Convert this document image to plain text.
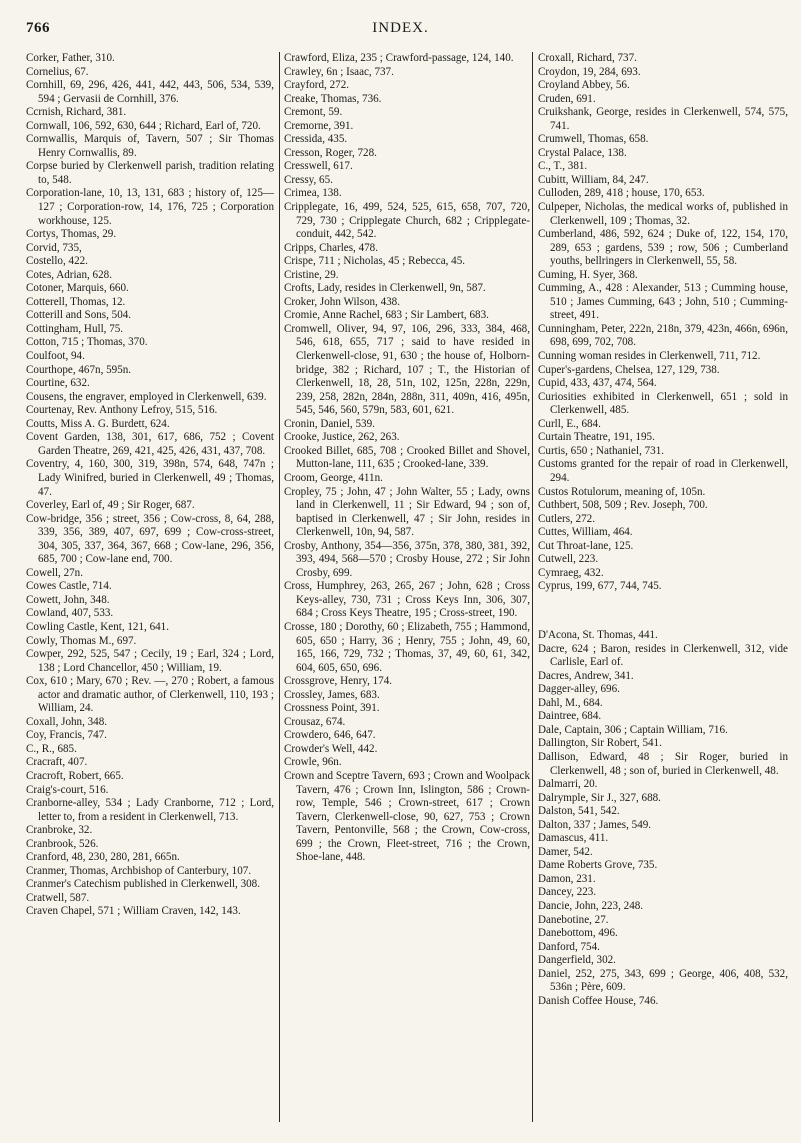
766	INDEX.

Corker, Father, 310.

Cornelius, 67.

Cornhill, 69, 296, 426, 441, 442, 443, 506, 534, 539, 594 ; Gervasii de Cornhill, 376.

Ccrnish, Richard, 381.

Cornwall, 106, 592, 630, 644 ; Richard, Earl of, 720.

Cornwallis, Marquis of, Tavern, 507 ; Sir Thomas Henry Cornwallis, 89.

Corpse buried by Clerkenwell parish, tradition relating to, 548.

Corporation-lane, 10, 13, 131, 683 ; history of, 125—127 ; Corporation-row, 14, 176, 725 ; Corporation workhouse, 125.

Cortys, Thomas, 29.

Corvid, 735,

Costello, 422.

Cotes, Adrian, 628.

Cotoner, Marquis, 660.

Cotterell, Thomas, 12.

Cotterill and Sons, 504.

Cottingham, Hull, 75.

Cotton, 715 ; Thomas, 370.

Coulfoot, 94.

Courthope, 467n, 595n.

Courtine, 632.

Cousens, the engraver, employed in Clerkenwell, 639.

Courtenay, Rev. Anthony Lefroy, 515, 516.

Coutts, Miss A. G. Burdett, 624.

Covent Garden, 138, 301, 617, 686, 752 ; Covent Garden Theatre, 269, 421, 425, 426, 431, 437, 708.

Coventry, 4, 160, 300, 319, 398n, 574, 648, 747n ; Lady Winifred, buried in Clerkenwell, 49 ; Thomas, 47.

Coverley, Earl of, 49 ; Sir Roger, 687.

Cow-bridge, 356 ; street, 356 ; Cow-cross, 8, 64, 288, 339, 356, 389, 407, 697, 699 ; Cow-cross-street, 304, 305, 337, 364, 367, 668 ; Cow-lane, 296, 356, 685, 700 ; Cow-lane end, 700.

Cowell, 27n.

Cowes Castle, 714.

Cowett, John, 348.

Cowland, 407, 533.

Cowling Castle, Kent, 121, 641.

Cowly, Thomas M., 697.

Cowper, 292, 525, 547 ; Cecily, 19 ; Earl, 324 ; Lord, 138 ; Lord Chancellor, 450 ; William, 19.

Cox, 610 ; Mary, 670 ; Rev. —, 270 ; Robert, a famous actor and dramatic author, of Clerkenwell, 110, 193 ; William, 24.

Coxall, John, 348.

Coy, Francis, 747.

C., R., 685.

Cracraft, 407.

Cracroft, Robert, 665.

Craig's-court, 516.

Cranborne-alley, 534 ; Lady Cranborne, 712 ; Lord, letter to, from a resident in Clerkenwell, 713.

Cranbroke, 32.

Cranbrook, 526.

Cranford, 48, 230, 280, 281, 665n.

Cranmer, Thomas, Archbishop of Canterbury, 107.

Cranmer's Catechism published in Clerkenwell, 308.

Cratwell, 587.

Craven Chapel, 571 ; William Craven, 142, 143.

Crawford, Eliza, 235 ; Crawford-passage, 124, 140.

Crawley, 6n ; Isaac, 737.

Crayford, 272.

Creake, Thomas, 736.

Cremont, 59.

Cremorne, 391.

Cressida, 435.

Cresson, Roger, 728.

Cresswell, 617.

Cressy, 65.

Crimea, 138.

Cripplegate, 16, 499, 524, 525, 615, 658, 707, 720, 729, 730 ; Cripplegate Church, 682 ; Cripplegate-conduit, 442, 542.

Cripps, Charles, 478.

Crispe, 711 ; Nicholas, 45 ; Rebecca, 45.

Cristine, 29.

Crofts, Lady, resides in Clerkenwell, 9n, 587.

Croker, John Wilson, 438.

Cromie, Anne Rachel, 683 ; Sir Lambert, 683.

Cromwell, Oliver, 94, 97, 106, 296, 333, 384, 468, 546, 618, 655, 717 ; said to have resided in Clerkenwell-close, 91, 630 ; the house of, Holborn-bridge, 382 ; Richard, 107 ; T., the Historian of Clerkenwell, 18, 28, 51n, 102, 125n, 228n, 229n, 239, 258, 282n, 284n, 288n, 311, 409n, 416, 495n, 545, 546, 560, 579n, 583, 601, 621.

Cronin, Daniel, 539.

Crooke, Justice, 262, 263.

Crooked Billet, 685, 708 ; Crooked Billet and Shovel, Mutton-lane, 111, 635 ; Crooked-lane, 339.

Croom, George, 411n.

Cropley, 75 ; John, 47 ; John Walter, 55 ; Lady, owns land in Clerkenwell, 11 ; Sir Edward, 94 ; son of, baptised in Clerkenwell, 47 ; Sir John, resides in Clerkenwell, 10n, 94, 587.

Crosby, Anthony, 354—356, 375n, 378, 380, 381, 392, 393, 494, 568—570 ; Crosby House, 272 ; Sir John Crosby, 699.

Cross, Humphrey, 263, 265, 267 ; John, 628 ; Cross Keys-alley, 730, 731 ; Cross Keys Inn, 306, 307, 684 ; Cross Keys Theatre, 195 ; Cross-street, 190.

Crosse, 180 ; Dorothy, 60 ; Elizabeth, 755 ; Hammond, 605, 650 ; Harry, 36 ; Henry, 755 ; John, 49, 60, 165, 166, 729, 732 ; Thomas, 37, 49, 60, 61, 342, 604, 605, 650, 696.

Crossgrove, Henry, 174.

Crossley, James, 683.

Crossness Point, 391.

Crousaz, 674.

Crowdero, 646, 647.

Crowder's Well, 442.

Crowle, 96n.

Crown and Sceptre Tavern, 693 ; Crown and Woolpack Tavern, 476 ; Crown Inn, Islington, 586 ; Crown-row, Temple, 546 ; Crown-street, 617 ; Crown Tavern, Clerkenwell-close, 90, 627, 753 ; Crown Tavern, Pentonville, 568 ; the Crown, Cow-cross, 699 ; the Crown, Fleet-street, 716 ; the Crown, Shoe-lane, 448.

Croxall, Richard, 737.

Croydon, 19, 284, 693.

Croyland Abbey, 56.

Cruden, 691.

Cruikshank, George, resides in Clerkenwell, 574, 575, 741.

Crumwell, Thomas, 658.

Crystal Palace, 138.

C., T., 381.

Cubitt, William, 84, 247.

Culloden, 289, 418 ; house, 170, 653.

Culpeper, Nicholas, the medical works of, published in Clerkenwell, 109 ; Thomas, 32.

Cumberland, 486, 592, 624 ; Duke of, 122, 154, 170, 289, 653 ; gardens, 539 ; row, 506 ; Cumberland youths, bellringers in Clerkenwell, 55, 58.

Cuming, H. Syer, 368.

Cumming, A., 428 : Alexander, 513 ; Cumming house, 510 ; James Cumming, 643 ; John, 510 ; Cumming-street, 491.

Cunningham, Peter, 222n, 218n, 379, 423n, 466n, 696n, 698, 699, 702, 708.

Cunning woman resides in Clerkenwell, 711, 712.

Cuper's-gardens, Chelsea, 127, 129, 738.

Cupid, 433, 437, 474, 564.

Curiosities exhibited in Clerkenwell, 651 ; sold in Clerkenwell, 485.

Curll, E., 684.

Curtain Theatre, 191, 195.

Curtis, 650 ; Nathaniel, 731.

Customs granted for the repair of road in Clerkenwell, 294.

Custos Rotulorum, meaning of, 105n.

Cuthbert, 508, 509 ; Rev. Joseph, 700.

Cutlers, 272.

Cuttes, William, 464.

Cut Throat-lane, 125.

Cutwell, 223.

Cymraeg, 432.

Cyprus, 199, 677, 744, 745.

D'Acona, St. Thomas, 441.

Dacre, 624 ; Baron, resides in Clerkenwell, 312, vide Carlisle, Earl of.

Dacres, Andrew, 341.

Dagger-alley, 696.

Dahl, M., 684.

Daintree, 684.

Dale, Captain, 306 ; Captain William, 716.

Dallington, Sir Robert, 541.

Dallison, Edward, 48 ; Sir Roger, buried in Clerkenwell, 48 ; son of, buried in Clerkenwell, 48.

Dalmarri, 20.

Dalrymple, Sir J., 327, 688.

Dalston, 541, 542.

Dalton, 337 ; James, 549.

Damascus, 411.

Damer, 542.

Dame Roberts Grove, 735.

Damon, 231.

Dancey, 223.

Dancie, John, 223, 248.

Danebotine, 27.

Danebottom, 496.

Danford, 754.

Dangerfield, 302.

Daniel, 252, 275, 343, 699 ; George, 406, 408, 532, 536n ; Père, 609.

Danish Coffee House, 746.
